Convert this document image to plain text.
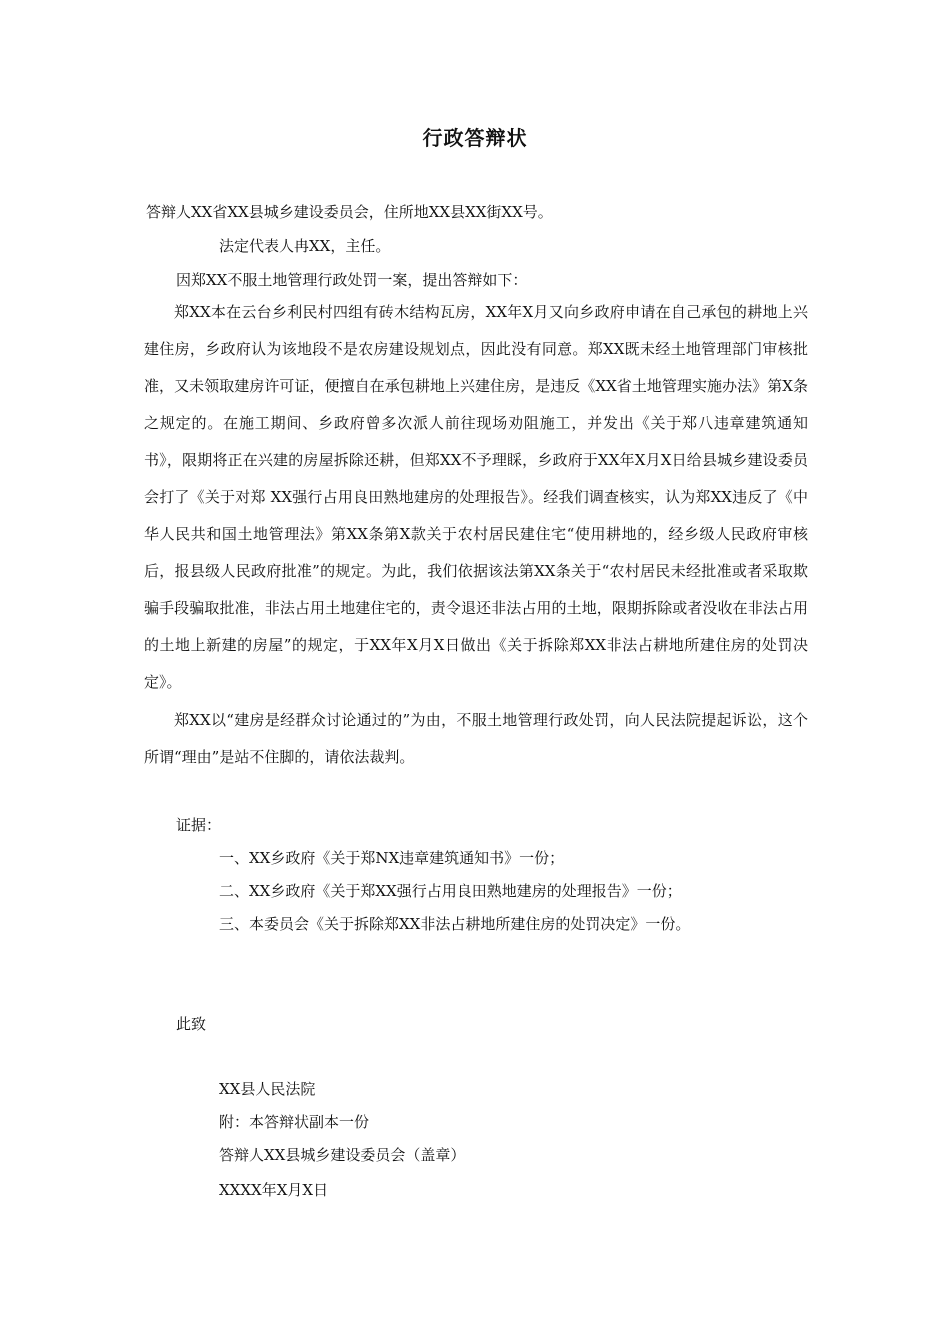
行政答辩状

答辩人XX省XX县城乡建设委员会，住所地XX县XX街XX号。

法定代表人冉XX，主任。

因郑XX不服土地管理行政处罚一案，提出答辩如下：

郑XX本在云台乡利民村四组有砖木结构瓦房，XX年X月又向乡政府申请在自己承包的耕地上兴建住房，乡政府认为该地段不是农房建设规划点，因此没有同意。郑XX既未经土地管理部门审核批准，又未领取建房许可证，便擅自在承包耕地上兴建住房，是违反《XX省土地管理实施办法》第X条之规定的。在施工期间、乡政府曾多次派人前往现场劝阻施工，并发出《关于郑八违章建筑通知书》，限期将正在兴建的房屋拆除还耕，但郑XX不予理睬，乡政府于XX年X月X日给县城乡建设委员会打了《关于对郑 XX强行占用良田熟地建房的处理报告》。经我们调查核实，认为郑XX违反了《中华人民共和国土地管理法》第XX条第X款关于农村居民建住宅“使用耕地的，经乡级人民政府审核后，报县级人民政府批准”的规定。为此，我们依据该法第XX条关于“农村居民未经批准或者采取欺骗手段骗取批准，非法占用土地建住宅的，责令退还非法占用的土地，限期拆除或者没收在非法占用的土地上新建的房屋”的规定，于XX年X月X日做出《关于拆除郑XX非法占耕地所建住房的处罚决定》。

郑XX以“建房是经群众讨论通过的”为由，不服土地管理行政处罚，向人民法院提起诉讼，这个所谓“理由”是站不住脚的，请依法裁判。

证据：

一、XX乡政府《关于郑NX违章建筑通知书》一份；

二、XX乡政府《关于郑XX强行占用良田熟地建房的处理报告》一份；

三、本委员会《关于拆除郑XX非法占耕地所建住房的处罚决定》一份。

此致

XX县人民法院

附：本答辩状副本一份

答辩人XX县城乡建设委员会（盖章）

XXXX年X月X日
